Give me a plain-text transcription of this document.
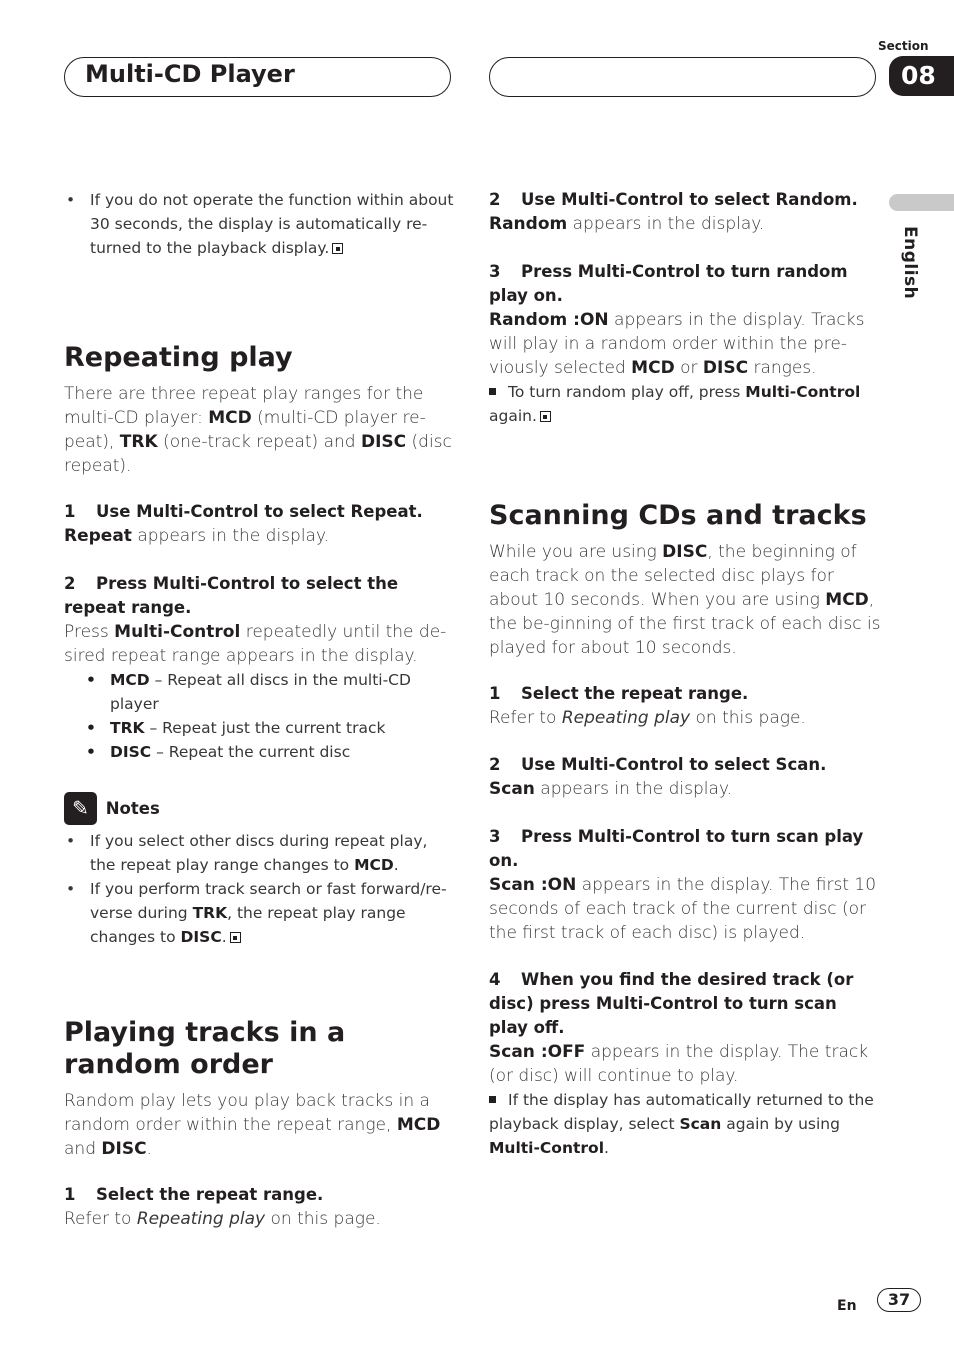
Multi-CD Player
Section
08
English

• If you do not operate the function within about 30 seconds, the display is automatically re-turned to the playback display.

Repeating play

There are three repeat play ranges for the multi-CD player: MCD (multi-CD player re-peat), TRK (one-track repeat) and DISC (disc repeat).

1 Use Multi-Control to select Repeat.

Repeat appears in the display.

2 Press Multi-Control to select the repeat range.

Press Multi-Control repeatedly until the de-sired repeat range appears in the display.

• MCD – Repeat all discs in the multi-CD player

• TRK – Repeat just the current track

• DISC – Repeat the current disc

✎ Notes

• If you select other discs during repeat play, the repeat play range changes to MCD.

• If you perform track search or fast forward/re-verse during TRK, the repeat play range changes to DISC.

Playing tracks in a random order

Random play lets you play back tracks in a random order within the repeat range, MCD and DISC.

1 Select the repeat range.

Refer to Repeating play on this page.

2 Use Multi-Control to select Random.

Random appears in the display.

3 Press Multi-Control to turn random play on.

Random :ON appears in the display. Tracks will play in a random order within the pre-viously selected MCD or DISC ranges.

To turn random play off, press Multi-Control again.

Scanning CDs and tracks

While you are using DISC, the beginning of each track on the selected disc plays for about 10 seconds. When you are using MCD, the be-ginning of the first track of each disc is played for about 10 seconds.

1 Select the repeat range.

Refer to Repeating play on this page.

2 Use Multi-Control to select Scan.

Scan appears in the display.

3 Press Multi-Control to turn scan play on.

Scan :ON appears in the display. The first 10 seconds of each track of the current disc (or the first track of each disc) is played.

4 When you find the desired track (or disc) press Multi-Control to turn scan play off.

Scan :OFF appears in the display. The track (or disc) will continue to play.

If the display has automatically returned to the playback display, select Scan again by using Multi-Control.

En	37
